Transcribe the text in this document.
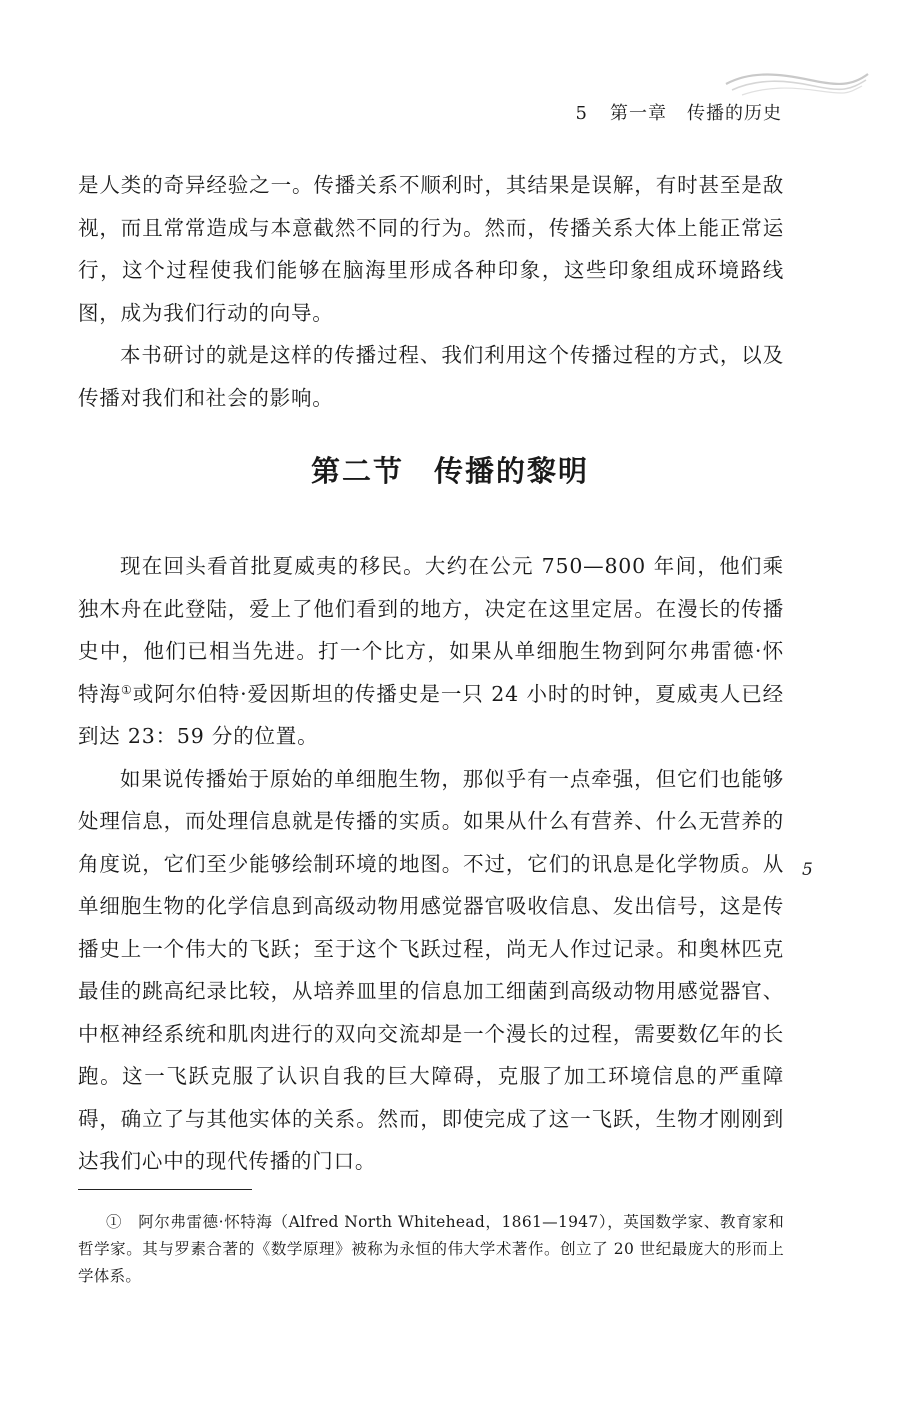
5 第一章 传播的历史

是人类的奇异经验之一。传播关系不顺利时，其结果是误解，有时甚至是敌视，而且常常造成与本意截然不同的行为。然而，传播关系大体上能正常运行，这个过程使我们能够在脑海里形成各种印象，这些印象组成环境路线图，成为我们行动的向导。

本书研讨的就是这样的传播过程、我们利用这个传播过程的方式，以及传播对我们和社会的影响。

第二节 传播的黎明

现在回头看首批夏威夷的移民。大约在公元 750—800 年间，他们乘独木舟在此登陆，爱上了他们看到的地方，决定在这里定居。在漫长的传播史中，他们已相当先进。打一个比方，如果从单细胞生物到阿尔弗雷德·怀特海①或阿尔伯特·爱因斯坦的传播史是一只 24 小时的时钟，夏威夷人已经到达 23：59 分的位置。

如果说传播始于原始的单细胞生物，那似乎有一点牵强，但它们也能够处理信息，而处理信息就是传播的实质。如果从什么有营养、什么无营养的角度说，它们至少能够绘制环境的地图。不过，它们的讯息是化学物质。从单细胞生物的化学信息到高级动物用感觉器官吸收信息、发出信号，这是传播史上一个伟大的飞跃；至于这个飞跃过程，尚无人作过记录。和奥林匹克最佳的跳高纪录比较，从培养皿里的信息加工细菌到高级动物用感觉器官、中枢神经系统和肌肉进行的双向交流却是一个漫长的过程，需要数亿年的长跑。这一飞跃克服了认识自我的巨大障碍，克服了加工环境信息的严重障碍，确立了与其他实体的关系。然而，即使完成了这一飞跃，生物才刚刚到达我们心中的现代传播的门口。

5

①　阿尔弗雷德·怀特海（Alfred North Whitehead，1861—1947），英国数学家、教育家和哲学家。其与罗素合著的《数学原理》被称为永恒的伟大学术著作。创立了 20 世纪最庞大的形而上学体系。
